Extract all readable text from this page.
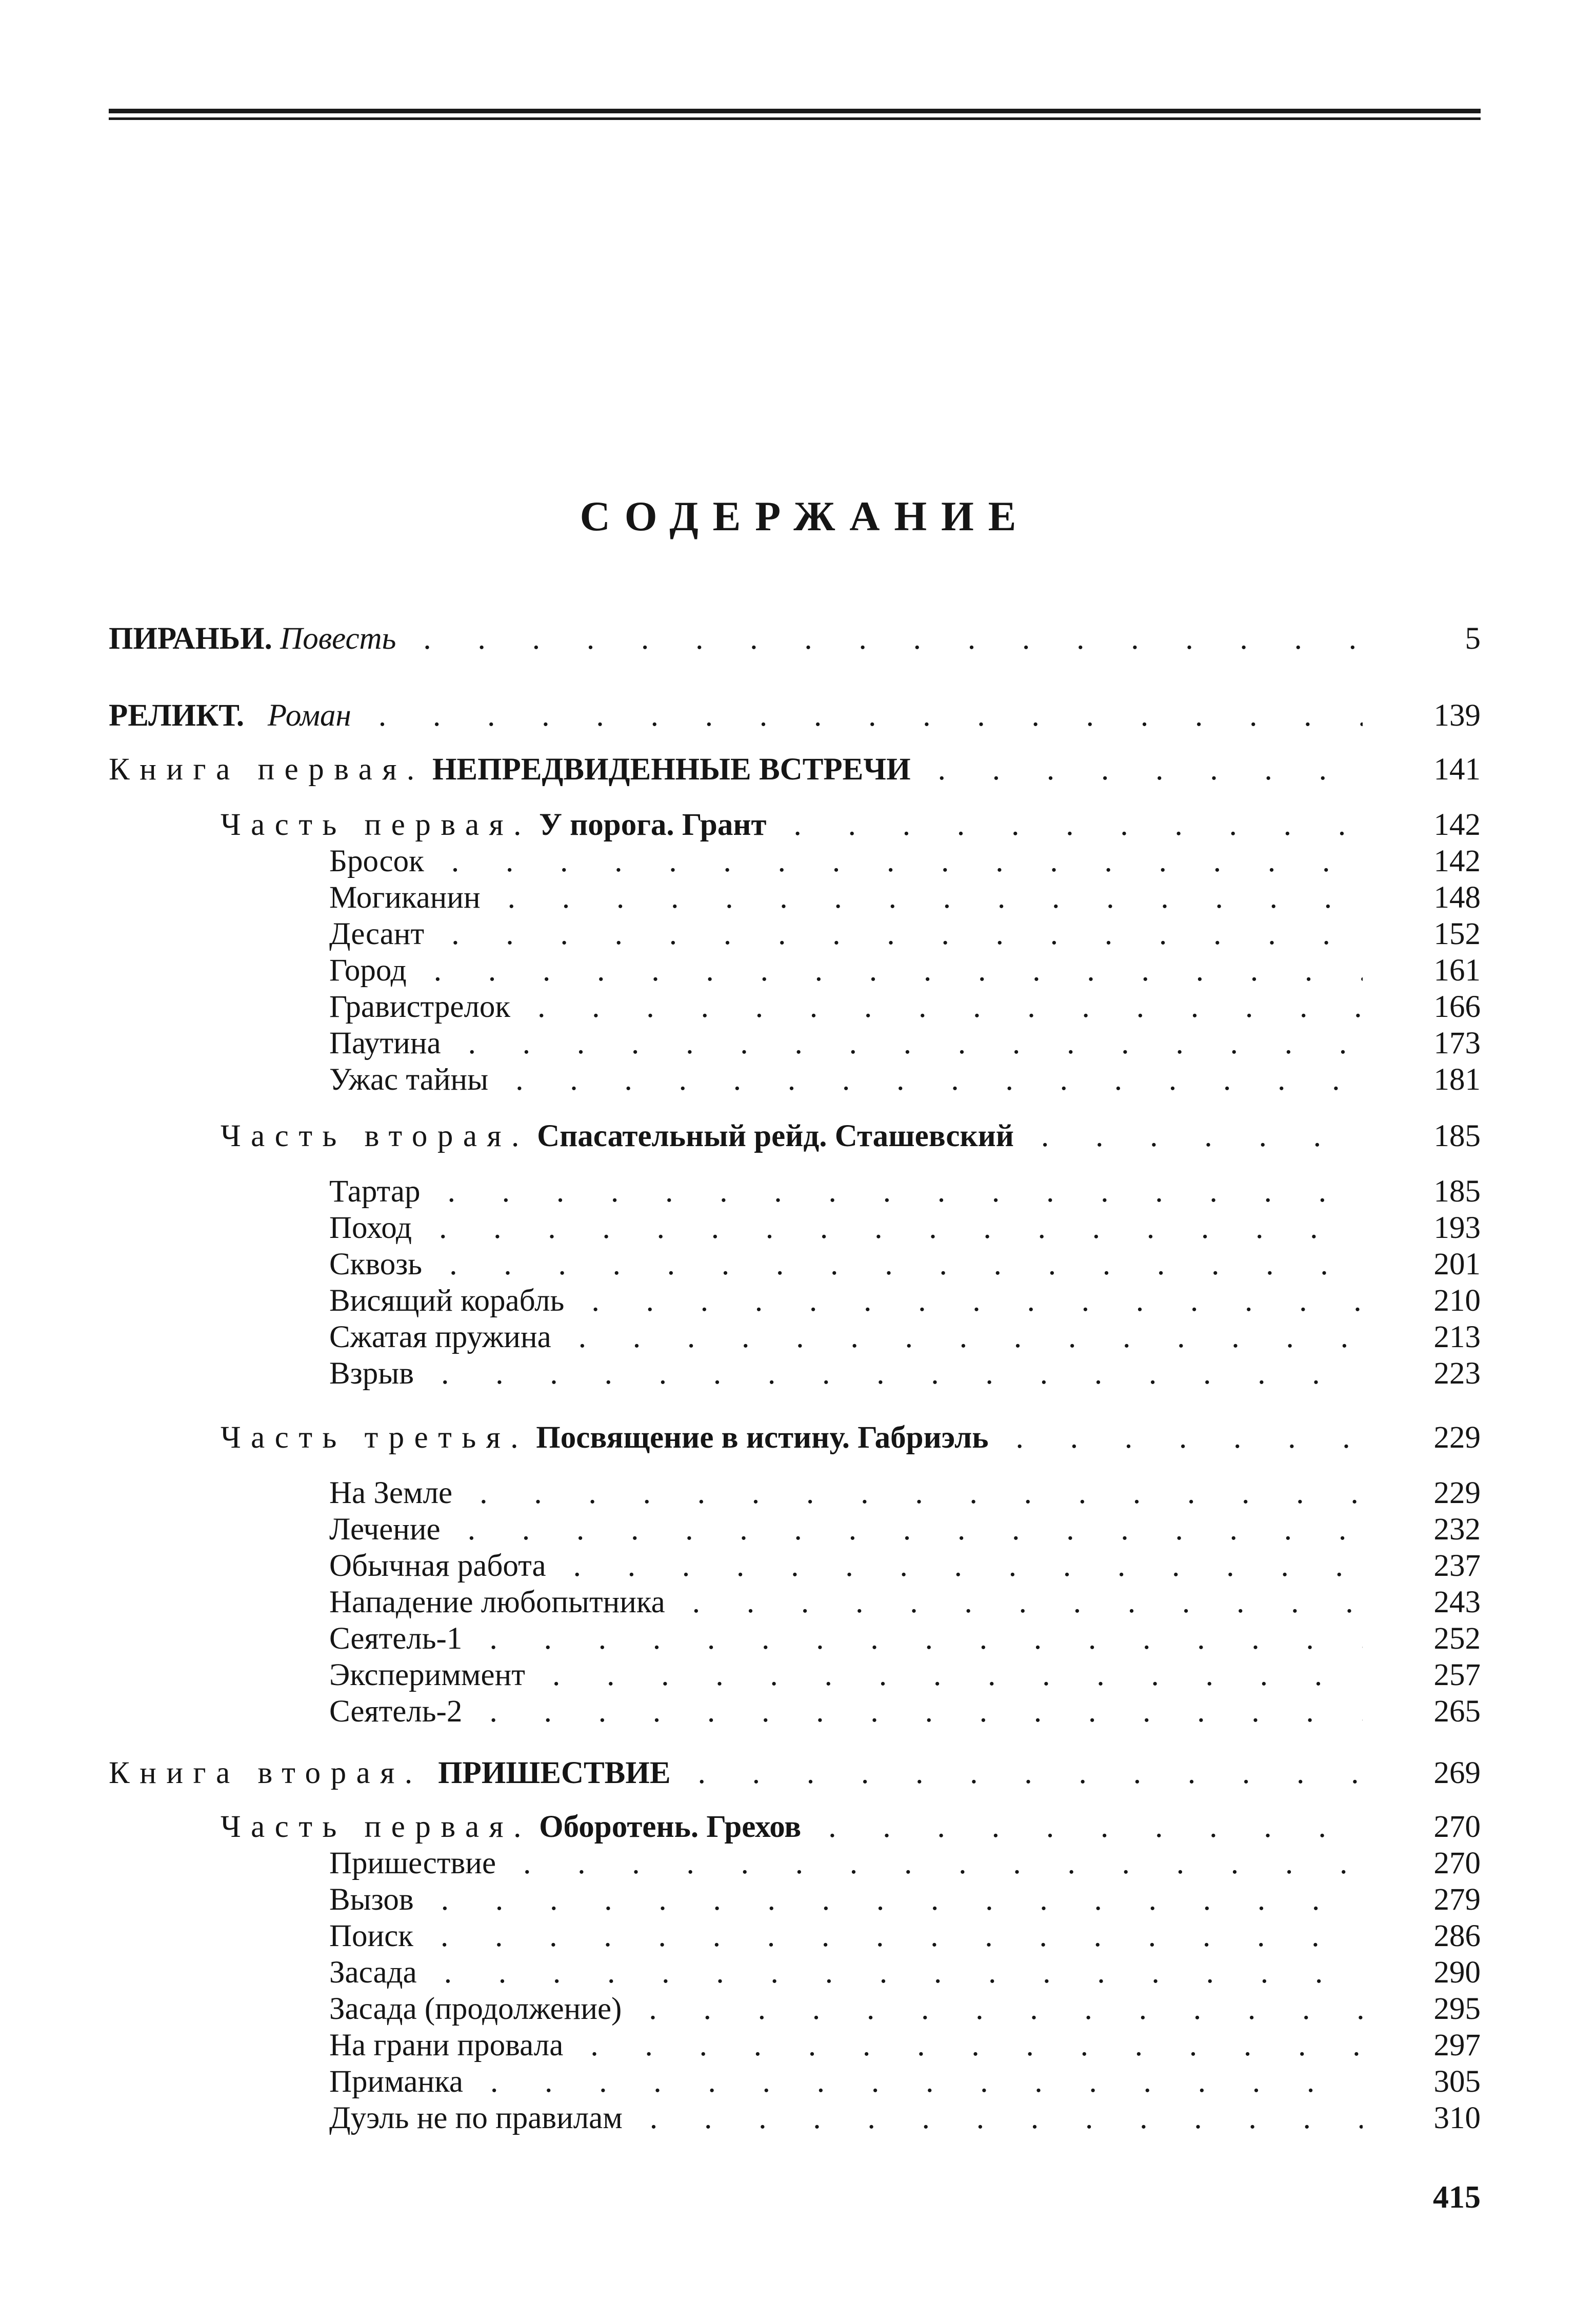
СОДЕРЖАНИЕ
ПИРАНЬИ. Повесть . . .	5
РЕЛИКТ. Роман . . .	139
Книга первая. НЕПРЕДВИДЕННЫЕ ВСТРЕЧИ . . .	141
Часть первая. У порога. Грант . . .	142
Бросок . . .	142
Могиканин . . .	148
Десант . . .	152
Город . . .	161
Гравистрелок . . .	166
Паутина . . .	173
Ужас тайны . . .	181
Часть вторая. Спасательный рейд. Сташевский . . .	185
Тартар . . .	185
Поход . . .	193
Сквозь . . .	201
Висящий корабль . . .	210
Сжатая пружина . . .	213
Взрыв . . .	223
Часть третья. Посвящение в истину. Габриэль . . .	229
На Земле . . .	229
Лечение . . .	232
Обычная работа . . .	237
Нападение любопытника . . .	243
Сеятель-1 . . .	252
Экспериммент . . .	257
Сеятель-2 . . .	265
Книга вторая. ПРИШЕСТВИЕ . . .	269
Часть первая. Оборотень. Грехов . . .	270
Пришествие . . .	270
Вызов . . .	279
Поиск . . .	286
Засада . . .	290
Засада (продолжение) . . .	295
На грани провала . . .	297
Приманка . . .	305
Дуэль не по правилам . . .	310
415
